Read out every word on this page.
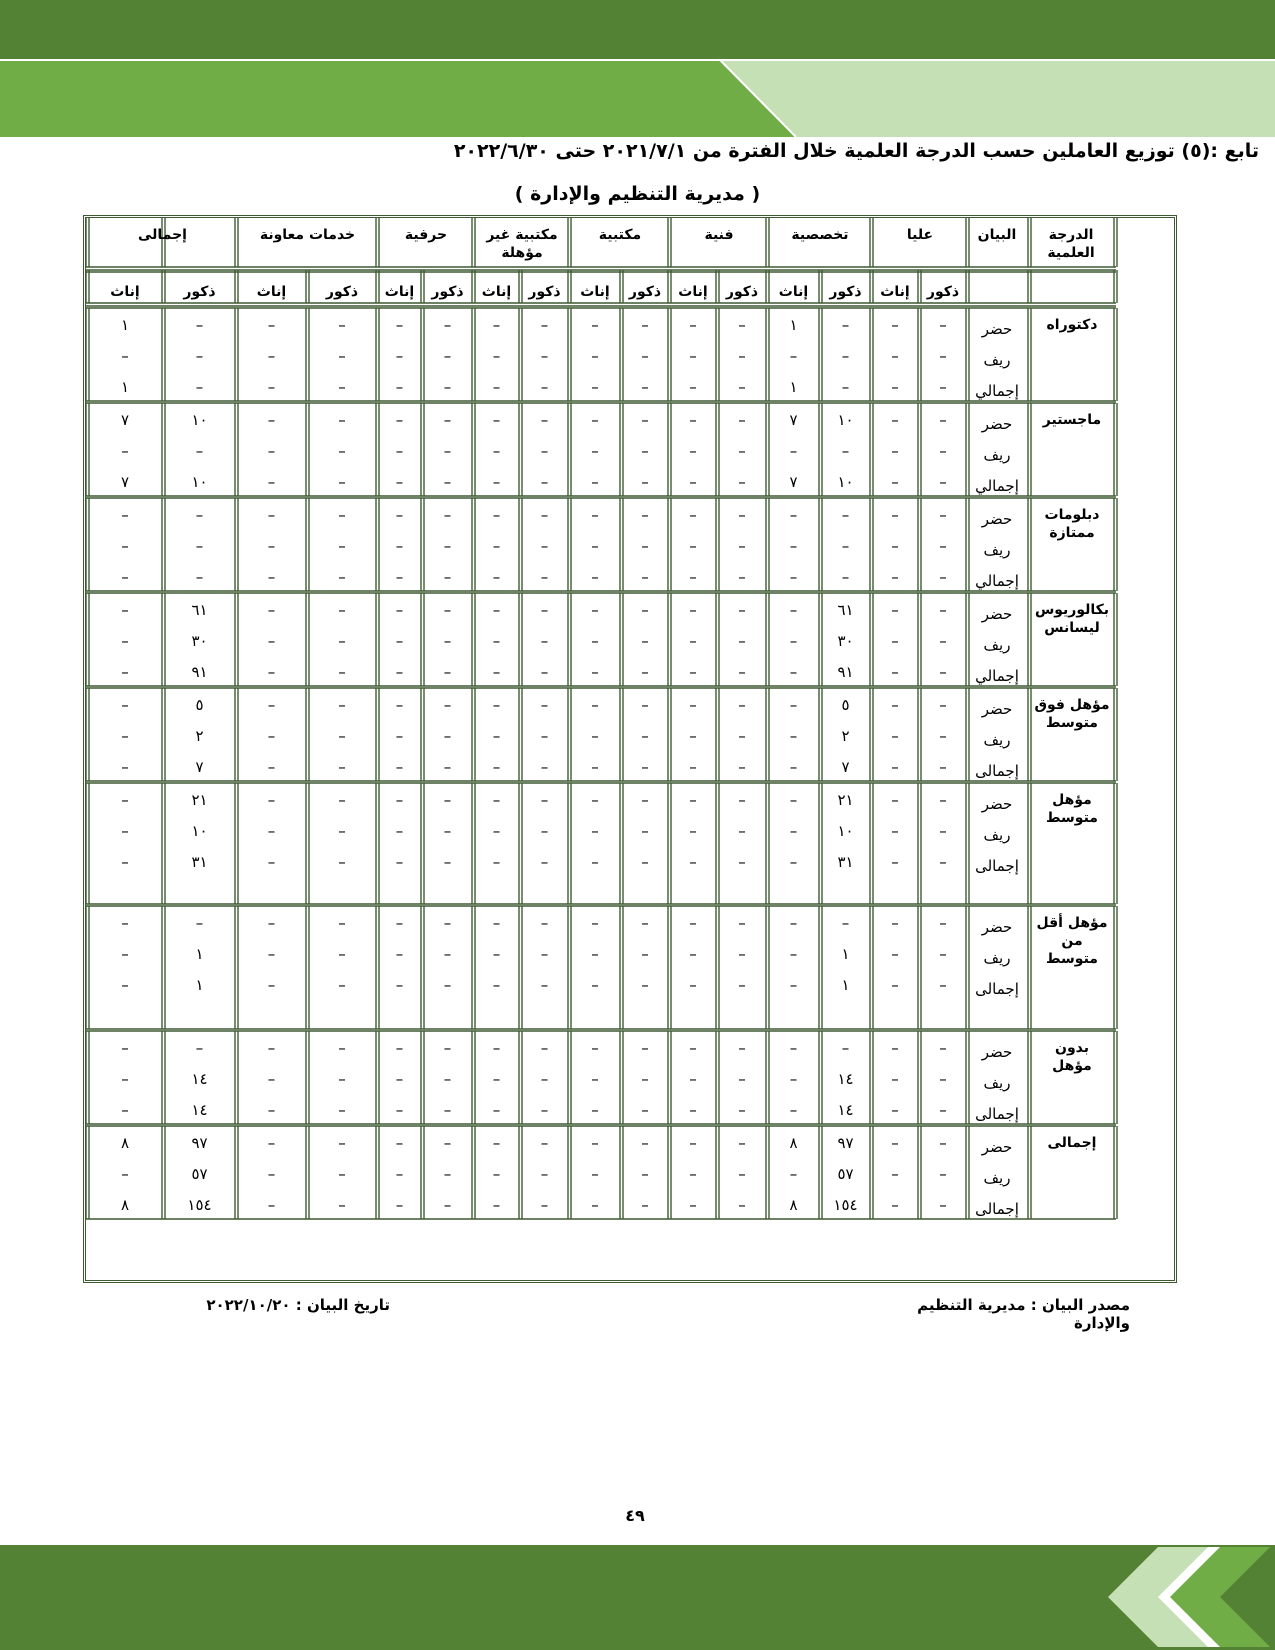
تابع :(٥) توزيع العاملين حسب الدرجة العلمية خلال الفترة من ٢٠٢١/٧/١ حتى ٢٠٢٢/٦/٣٠
( مديرية التنظيم والإدارة )
عليا
تخصصية
فنية
مكتبية
مكتبية غير مؤهلة
حرفية
خدمات معاونة
إجمالى	الدرجة العلمية
البيان
ذكور
إناث
ذكور
إناث
ذكور
إناث
ذكور
إناث
ذكور
إناث
ذكور
إناث
ذكور
إناث
ذكور
إناث
دكتوراه
حضر
ريف
إجمالي
–
–
–
١
–
–
–
–
–
–
–
–
–
–
–
١
–
–
–
–
–
–
–
–
–
–
–
–
–
–
–
–
–
–
–
١
–
–
–
–
–
–
–
–
–
–
–
١
ماجستير
حضر
ريف
إجمالي
–
–
١٠
٧
–
–
–
–
–
–
–
–
–
–
١٠
٧
–
–
–
–
–
–
–
–
–
–
–
–
–
–
–
–
–
–
١٠
٧
–
–
–
–
–
–
–
–
–
–
١٠
٧
دبلومات ممتازة
حضر
ريف
إجمالي
–
–
–
–
–
–
–
–
–
–
–
–
–
–
–
–
–
–
–
–
–
–
–
–
–
–
–
–
–
–
–
–
–
–
–
–
–
–
–
–
–
–
–
–
–
–
–
–
بكالوريوس ليسانس
حضر
ريف
إجمالي
–
–
٦١
–
–
–
–
–
–
–
–
–
–
–
٦١
–
–
–
٣٠
–
–
–
–
–
–
–
–
–
–
–
٣٠
–
–
–
٩١
–
–
–
–
–
–
–
–
–
–
–
٩١
–
مؤهل فوق متوسط
حضر
ريف
إجمالى
–
–
٥
–
–
–
–
–
–
–
–
–
–
–
٥
–
–
–
٢
–
–
–
–
–
–
–
–
–
–
–
٢
–
–
–
٧
–
–
–
–
–
–
–
–
–
–
–
٧
–
مؤهل متوسط
حضر
ريف
إجمالى
–
–
٢١
–
–
–
–
–
–
–
–
–
–
–
٢١
–
–
–
١٠
–
–
–
–
–
–
–
–
–
–
–
١٠
–
–
–
٣١
–
–
–
–
–
–
–
–
–
–
–
٣١
–
مؤهل أقل من متوسط
حضر
ريف
إجمالى
–
–
–
–
–
–
–
–
–
–
–
–
–
–
–
–
–
–
١
–
–
–
–
–
–
–
–
–
–
–
١
–
–
–
١
–
–
–
–
–
–
–
–
–
–
–
١
–
بدون مؤهل
حضر
ريف
إجمالى
–
–
–
–
–
–
–
–
–
–
–
–
–
–
–
–
–
–
١٤
–
–
–
–
–
–
–
–
–
–
–
١٤
–
–
–
١٤
–
–
–
–
–
–
–
–
–
–
–
١٤
–
إجمالى
حضر
ريف
إجمالى
–
–
٩٧
٨
–
–
–
–
–
–
–
–
–
–
٩٧
٨
–
–
٥٧
–
–
–
–
–
–
–
–
–
–
–
٥٧
–
–
–
١٥٤
٨
–
–
–
–
–
–
–
–
–
–
١٥٤
٨
مصدر البيان : مديرية التنظيم والإدارة
تاريخ البيان : ٢٠٢٢/١٠/٢٠
٤٩
